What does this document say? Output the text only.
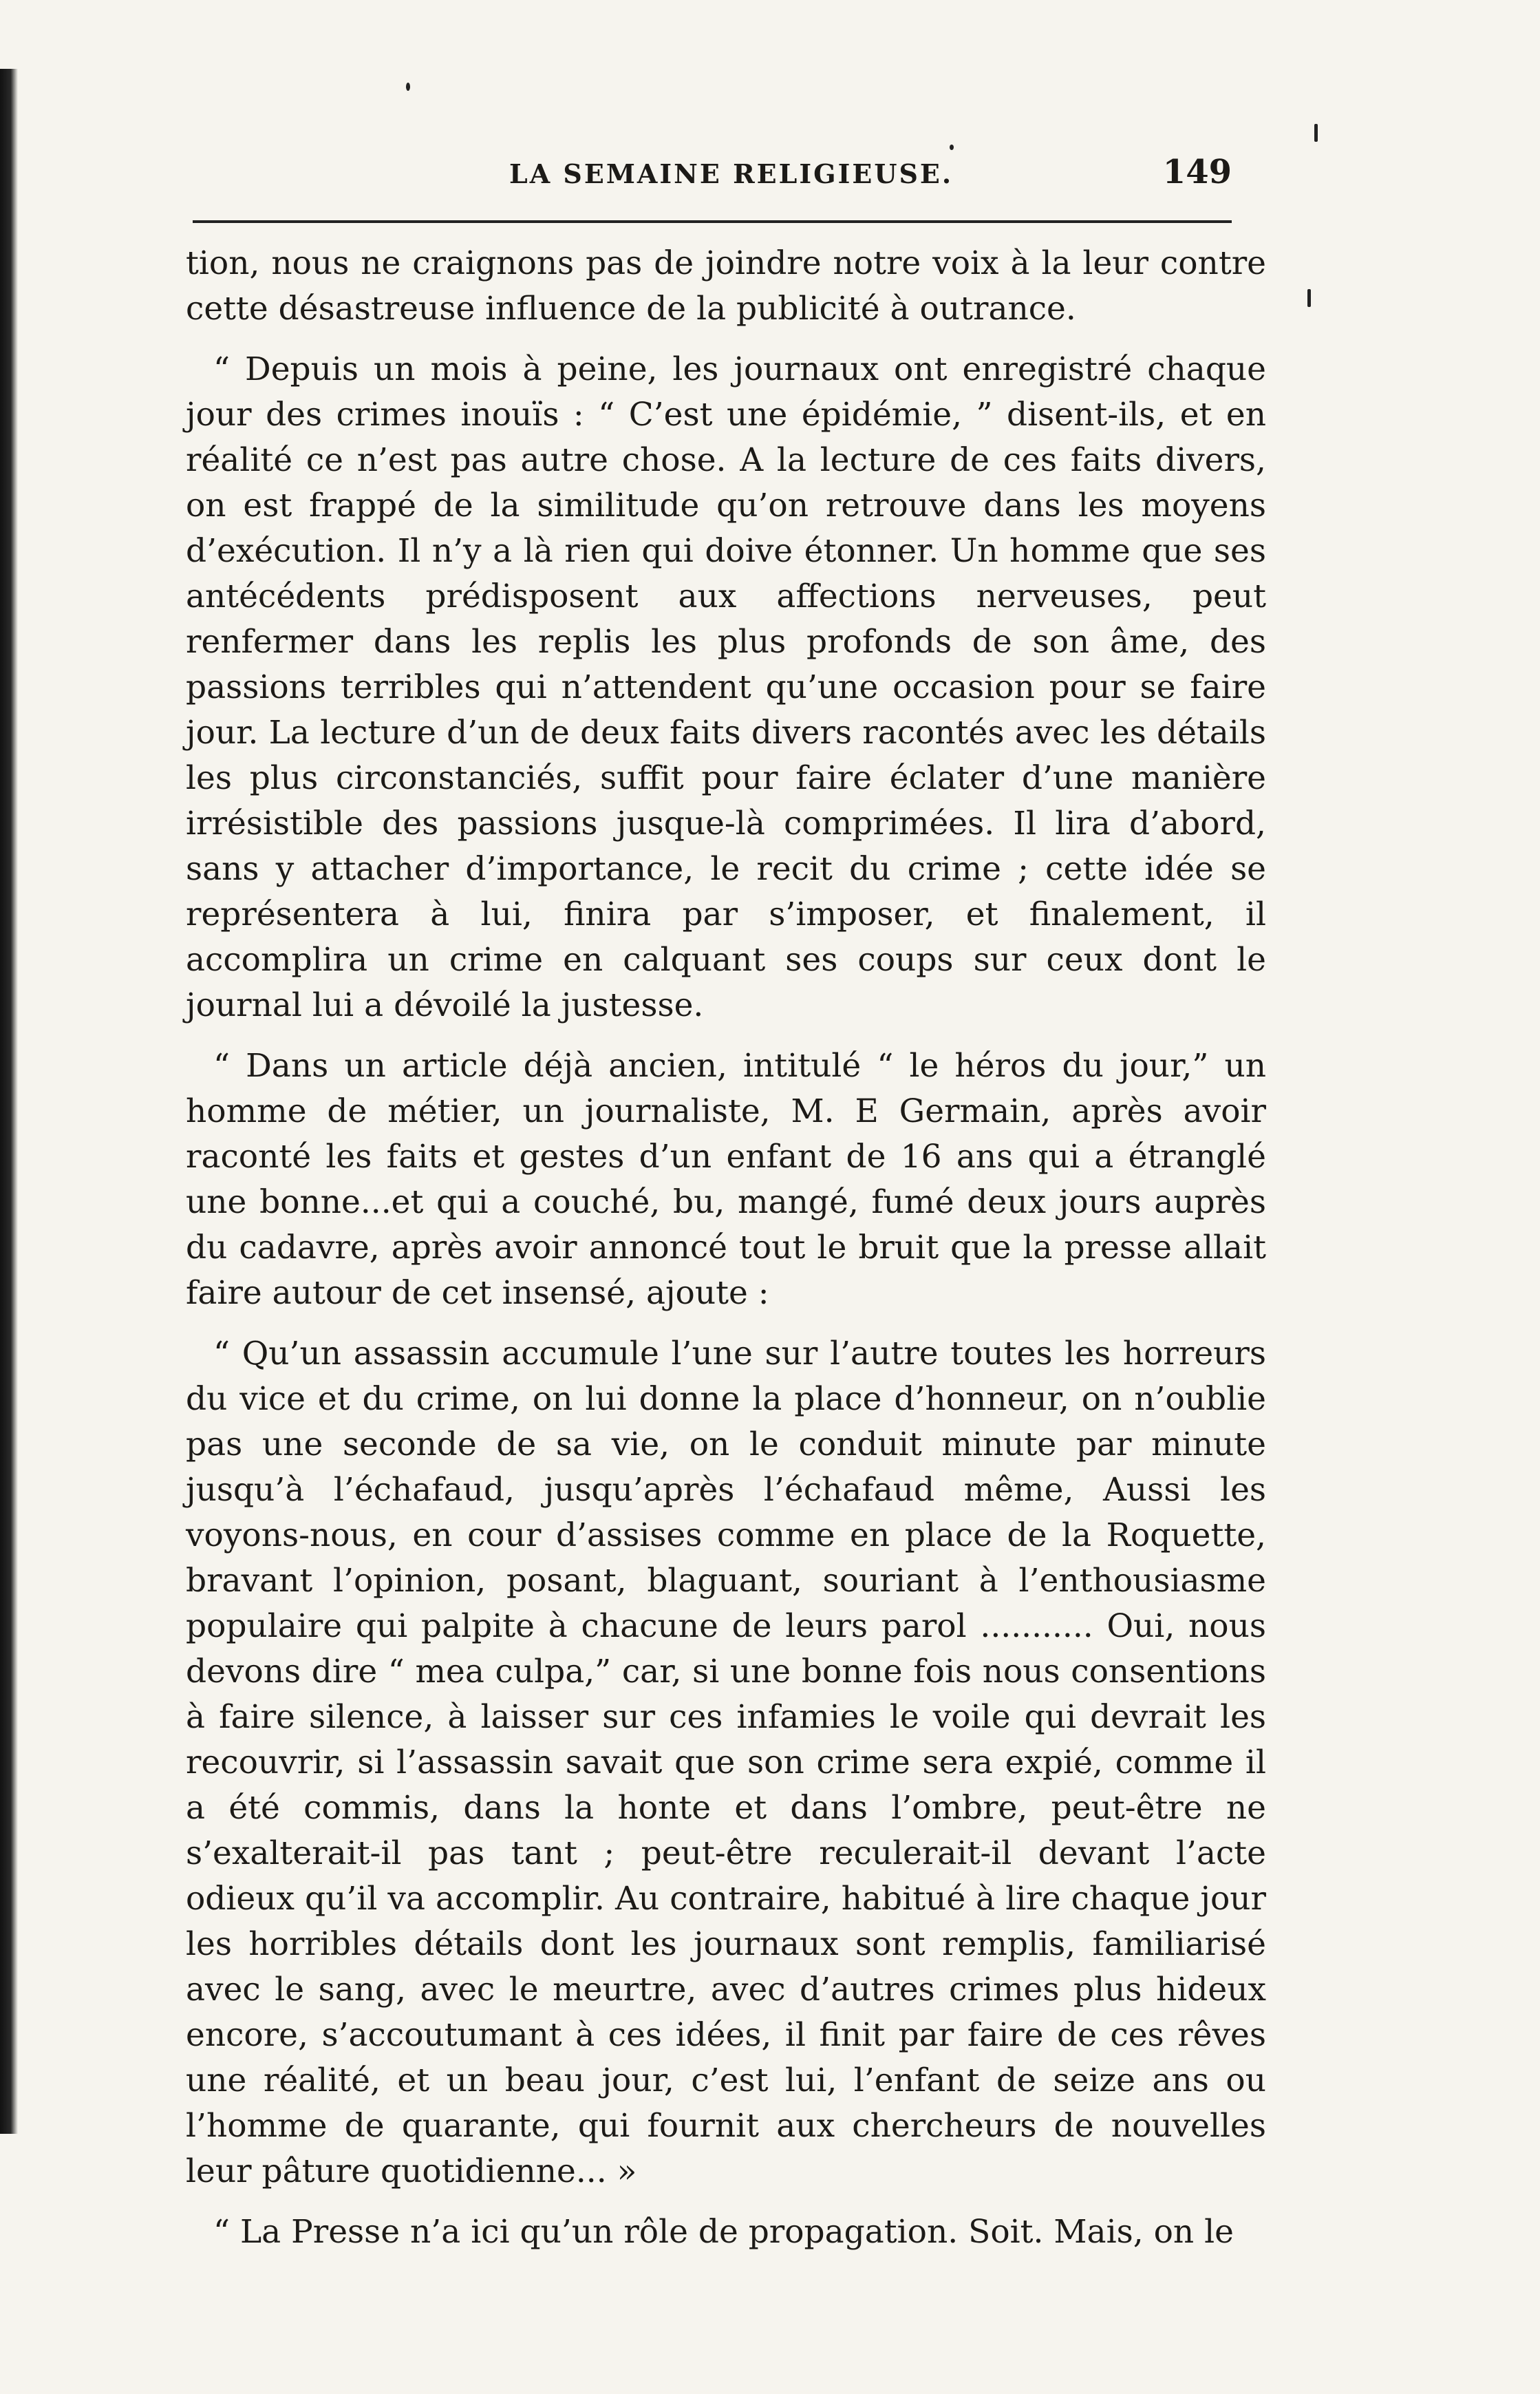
LA SEMAINE RELIGIEUSE.	149

tion, nous ne craignons pas de joindre notre voix à la leur contre cette désastreuse influence de la publicité à outrance.

“ Depuis un mois à peine, les journaux ont enregistré chaque jour des crimes inouïs : “ C’est une épidémie, ” disent-ils, et en réalité ce n’est pas autre chose. A la lecture de ces faits divers, on est frappé de la similitude qu’on retrouve dans les moyens d’exécution. Il n’y a là rien qui doive étonner. Un homme que ses antécédents prédisposent aux affections nerveuses, peut renfermer dans les replis les plus profonds de son âme, des passions terribles qui n’attendent qu’une occasion pour se faire jour. La lecture d’un de deux faits divers racontés avec les détails les plus circonstanciés, suffit pour faire éclater d’une manière irrésistible des passions jusque-là comprimées. Il lira d’abord, sans y attacher d’importance, le recit du crime ; cette idée se représentera à lui, finira par s’imposer, et finalement, il accomplira un crime en calquant ses coups sur ceux dont le journal lui a dévoilé la justesse.

“ Dans un article déjà ancien, intitulé “ le héros du jour,” un homme de métier, un journaliste, M. E Germain, après avoir raconté les faits et gestes d’un enfant de 16 ans qui a étranglé une bonne...et qui a couché, bu, mangé, fumé deux jours auprès du cadavre, après avoir annoncé tout le bruit que la presse allait faire autour de cet insensé, ajoute :

“ Qu’un assassin accumule l’une sur l’autre toutes les horreurs du vice et du crime, on lui donne la place d’honneur, on n’oublie pas une seconde de sa vie, on le conduit minute par minute jusqu’à l’échafaud, jusqu’après l’échafaud même, Aussi les voyons-nous, en cour d’assises comme en place de la Roquette, bravant l’opinion, posant, blaguant, souriant à l’enthousiasme populaire qui palpite à chacune de leurs parol ........... Oui, nous devons dire “ mea culpa,” car, si une bonne fois nous consentions à faire silence, à laisser sur ces infamies le voile qui devrait les recouvrir, si l’assassin savait que son crime sera expié, comme il a été commis, dans la honte et dans l’ombre, peut-être ne s’exalterait-il pas tant ; peut-être reculerait-il devant l’acte odieux qu’il va accomplir. Au contraire, habitué à lire chaque jour les horribles détails dont les journaux sont remplis, familiarisé avec le sang, avec le meurtre, avec d’autres crimes plus hideux encore, s’accoutumant à ces idées, il finit par faire de ces rêves une réalité, et un beau jour, c’est lui, l’enfant de seize ans ou l’homme de quarante, qui fournit aux chercheurs de nouvelles leur pâture quotidienne... »

“ La Presse n’a ici qu’un rôle de propagation. Soit. Mais, on le
